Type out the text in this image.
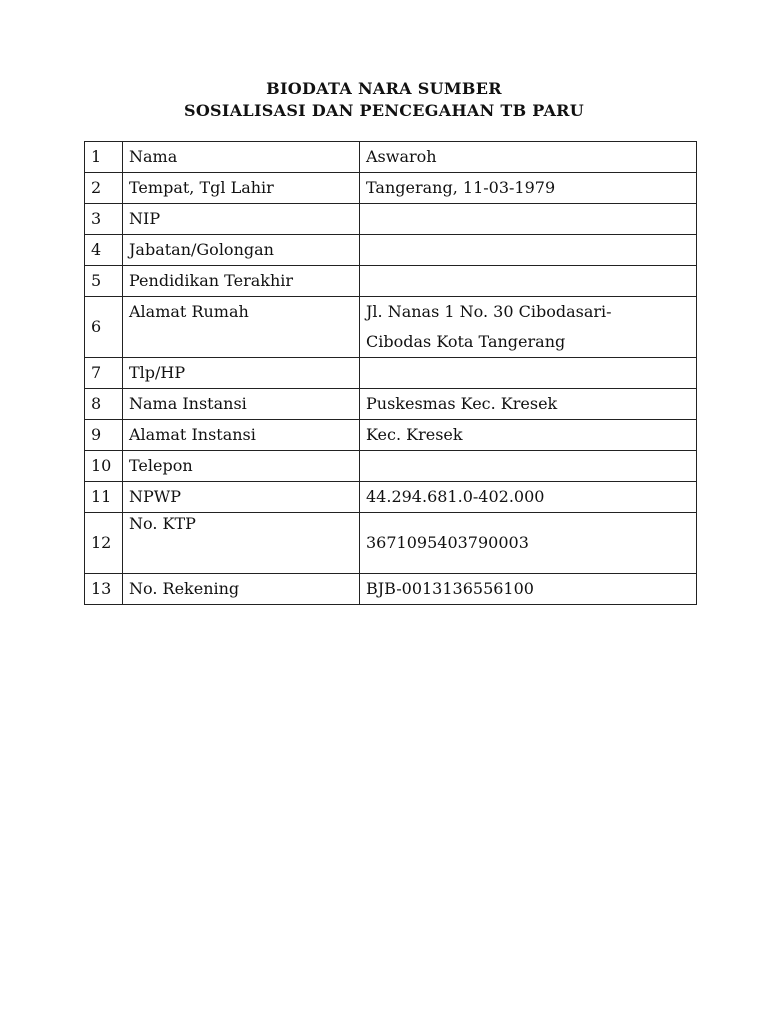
BIODATA NARA SUMBER
SOSIALISASI DAN PENCEGAHAN TB PARU
1	Nama	Aswaroh
2	Tempat, Tgl Lahir	Tangerang, 11-03-1979
3	NIP	
4	Jabatan/Golongan	
5	Pendidikan Terakhir	
6	Alamat Rumah	Jl. Nanas 1 No. 30 Cibodasari-
Cibodas Kota Tangerang

7	Tlp/HP	
8	Nama Instansi	Puskesmas Kec. Kresek
9	Alamat Instansi	Kec. Kresek
10	Telepon	
11	NPWP	44.294.681.0-402.000
12	No. KTP	3671095403790003
13	No. Rekening	BJB-0013136556100
